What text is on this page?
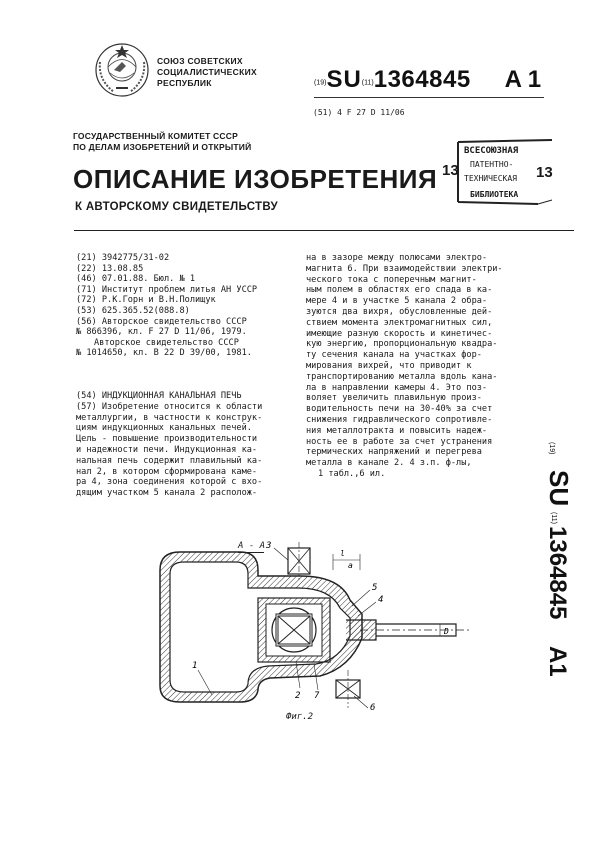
СОЮЗ СОВЕТСКИХ
СОЦИАЛИСТИЧЕСКИХ
РЕСПУБЛИК	(19)SU(11)1364845 A 1
(51) 4 F 27 D 11/06
ГОСУДАРСТВЕННЫЙ КОМИТЕТ СССР
ПО ДЕЛАМ ИЗОБРЕТЕНИЙ И ОТКРЫТИЙ
13	13
ВСЕСОЮЗНАЯ
ПАТЕНТНО-
ТЕХНИЧЕСКАЯ
БИБЛИОТЕКА
ОПИСАНИЕ ИЗОБРЕТЕНИЯ
К АВТОРСКОМУ СВИДЕТЕЛЬСТВУ
(21) 3942775/31-02
(22) 13.08.85
(46) 07.01.88. Бюл. № 1
(71) Институт проблем литья АН УССР
(72) Р.К.Горн и В.Н.Полищук
(53) 625.365.52(088.8)
(56) Авторское свидетельство СССР
№ 866396, кл. F 27 D 11/06, 1979.
Авторское свидетельство СССР
№ 1014650, кл. В 22 D 39/00, 1981.
(54) ИНДУКЦИОННАЯ КАНАЛЬНАЯ ПЕЧЬ
(57) Изобретение относится к области
металлургии, в частности к конструк-
циям индукционных канальных печей.
Цель - повышение производительности
и надежности печи. Индукционная ка-
нальная печь содержит плавильный ка-
нал 2, в котором сформирована каме-
ра 4, зона соединения которой с вхо-
дящим участком 5 канала 2 располож-
на в зазоре между полюсами электро-
магнита 6. При взаимодействии электри-
ческого тока с поперечным магнит-
ным полем в областях его спада в ка-
мере 4 и в участке 5 канала 2 обра-
зуются два вихря, обусловленные дей-
ствием момента электромагнитных сил,
имеющие разную скорость и кинетичес-
кую энергию, пропорциональную квадра-
ту сечения канала на участках фор-
мирования вихрей, что приводит к
транспортированию металла вдоль кана-
ла в направлении камеры 4. Это поз-
воляет увеличить плавильную произ-
водительность печи на 30-40% за счет
снижения гидравлического сопротивле-
ния металлотракта и повысить надеж-
ность ее в работе за счет устранения
термических напряжений и перегрева
металла в канале 2. 4 з.п. ф-лы,
1 табл.,6 ил.
(19)
SU
(11)
1364845
A1
А - А 3
1
5
4
6
2 7
a
D
l
Фиг.2
